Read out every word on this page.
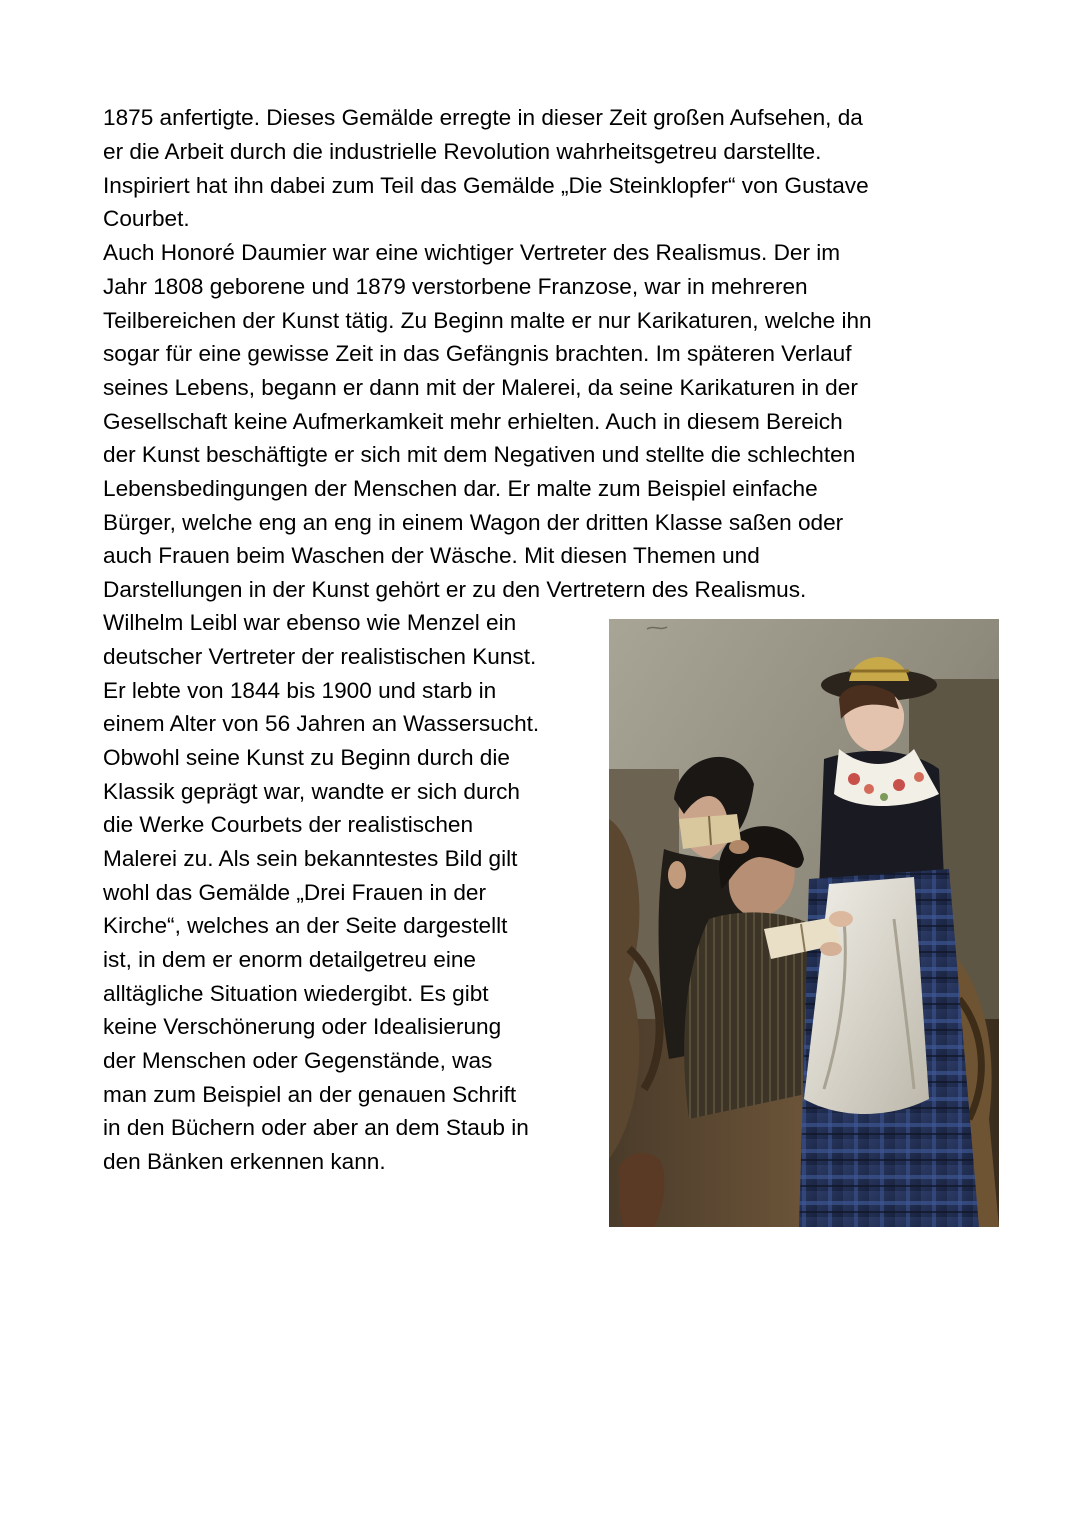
1875 anfertigte. Dieses Gemälde erregte in dieser Zeit großen Aufsehen, da

er die Arbeit durch die industrielle Revolution wahrheitsgetreu darstellte.

Inspiriert hat ihn dabei zum Teil das Gemälde „Die Steinklopfer“ von Gustave

Courbet.

Auch Honoré Daumier war eine wichtiger Vertreter des Realismus. Der im

Jahr 1808 geborene und 1879 verstorbene Franzose, war in mehreren

Teilbereichen der Kunst tätig. Zu Beginn malte er nur Karikaturen, welche ihn

sogar für eine gewisse Zeit in das Gefängnis brachten. Im späteren Verlauf

seines Lebens, begann er dann mit der Malerei, da seine Karikaturen in der

Gesellschaft keine Aufmerkamkeit mehr erhielten. Auch in diesem Bereich

der Kunst beschäftigte er sich mit dem Negativen und stellte die schlechten

Lebensbedingungen der Menschen dar. Er malte zum Beispiel einfache

Bürger, welche eng an eng in einem Wagon der dritten Klasse saßen oder

auch Frauen beim Waschen der Wäsche. Mit diesen Themen und

Darstellungen in der Kunst gehört er zu den Vertretern des Realismus.

Wilhelm Leibl war ebenso wie Menzel ein

deutscher Vertreter der realistischen Kunst.

Er lebte von 1844 bis 1900 und starb in

einem Alter von 56 Jahren an Wassersucht.

Obwohl seine Kunst zu Beginn durch die

Klassik geprägt war, wandte er sich durch

die Werke Courbets der realistischen

Malerei zu. Als sein bekanntestes Bild gilt

wohl das Gemälde „Drei Frauen in der

Kirche“, welches an der Seite dargestellt

ist, in dem er enorm detailgetreu eine

alltägliche Situation wiedergibt. Es gibt

keine Verschönerung oder Idealisierung

der Menschen oder Gegenstände, was

man zum Beispiel an der genauen Schrift

in den Büchern oder aber an dem Staub in

den Bänken erkennen kann.
